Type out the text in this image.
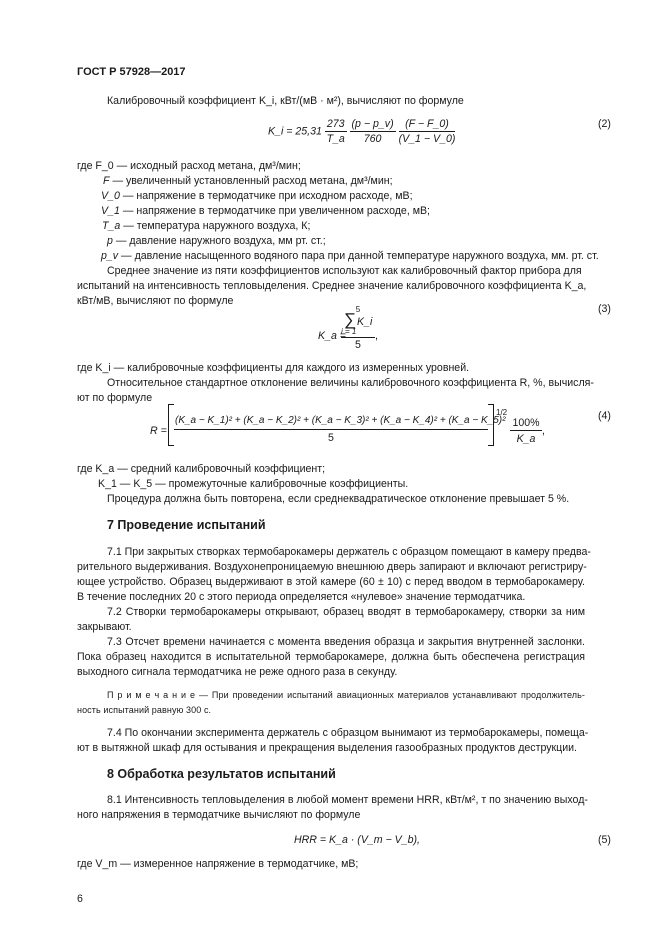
ГОСТ Р 57928—2017
Калибровочный коэффициент K_i, кВт/(мВ · м²), вычисляют по формуле
K_i = $25,31 \frac{273}{T\_a}$
$\frac{(p - p\_v)}{760}$
$\frac{(F - F\_0)}{(V\_1 - V\_0)}$	(2)
где F_0 — исходный расход метана, дм³/мин;
F — увеличенный установленный расход метана, дм³/мин;
V_0 — напряжение в термодатчике при исходном расходе, мВ;
V_1 — напряжение в термодатчике при увеличенном расходе, мВ;
T_a — температура наружного воздуха, К;
p — давление наружного воздуха, мм рт. ст.;
p_v — давление насыщенного водяного пара при данной температуре наружного воздуха, мм. рт. ст.
Среднее значение из пяти коэффициентов используют как калибровочный фактор прибора для
испытаний на интенсивность тепловыделения. Среднее значение калибровочного коэффициента K_a,
кВт/мВ, вычисляют по формуле
K_a =
5
∑ K_i
i = 1
5
,
(3)
где K_i — калибровочные коэффициенты для каждого из измеренных уровней.
Относительное стандартное отклонение величины калибровочного коэффициента R, %, вычисля-
ют по формуле
R =
(K_a − K_1)² + (K_a − K_2)² + (K_a − K_3)² + (K_a − K_4)² + (K_a − K_5)²
5
1/2
100%
K_a
,
(4)
где K_a — средний калибровочный коэффициент;
K_1 — K_5 — промежуточные калибровочные коэффициенты.
Процедура должна быть повторена, если среднеквадратическое отклонение превышает 5 %.
7 Проведение испытаний
7.1 При закрытых створках термобарокамеры держатель с образцом помещают в камеру предва-
рительного выдерживания. Воздухонепроницаемую внешнюю дверь запирают и включают регистриру-
ющее устройство. Образец выдерживают в этой камере (60 ± 10) с перед вводом в термобарокамеру.
В течение последних 20 с этого периода определяется «нулевое» значение термодатчика.
7.2 Створки термобарокамеры открывают, образец вводят в термобарокамеру, створки за ним
закрывают.
7.3 Отсчет времени начинается с момента введения образца и закрытия внутренней заслонки.
Пока образец находится в испытательной термобарокамере, должна быть обеспечена регистрация
выходного сигнала термодатчика не реже одного раза в секунду.
П р и м е ч а н и е — При проведении испытаний авиационных материалов устанавливают продолжитель-
ность испытаний равную 300 с.
7.4 По окончании эксперимента держатель с образцом вынимают из термобарокамеры, помеща-
ют в вытяжной шкаф для остывания и прекращения выделения газообразных продуктов деструкции.
8 Обработка результатов испытаний
8.1 Интенсивность тепловыделения в любой момент времени HRR, кВт/м², т по значению выход-
ного напряжения в термодатчике вычисляют по формуле
HRR = K_a · (V_m − V_b),	(5)
где V_m — измеренное напряжение в термодатчике, мВ;
6
